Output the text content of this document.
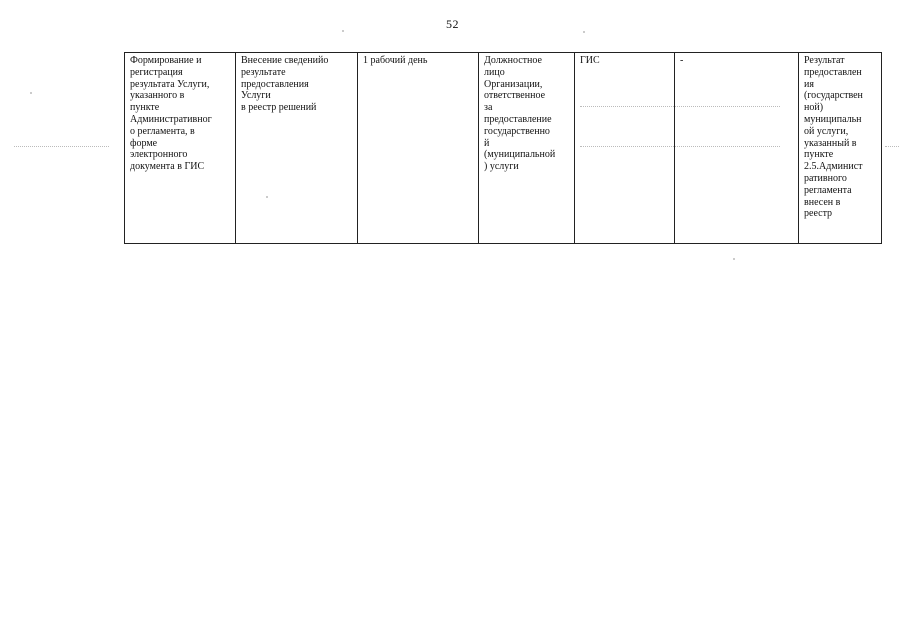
52
Формирование и
регистрация
результата Услуги,
указанного в
пункте
Административног
о регламента, в
форме
электронного
документа в ГИС	Внесение сведенийо
результате
предоставления
Услуги
в реестр решений	1 рабочий день	Должностное
лицо
Организации,
ответственное
за
предоставление
государственно
й
(муниципальной
) услуги	ГИС	-	Результат
предоставлен
ия
(государствен
ной)
муниципальн
ой услуги,
указанный в
пункте
2.5.Админист
ративного
регламента
внесен в
реестр
